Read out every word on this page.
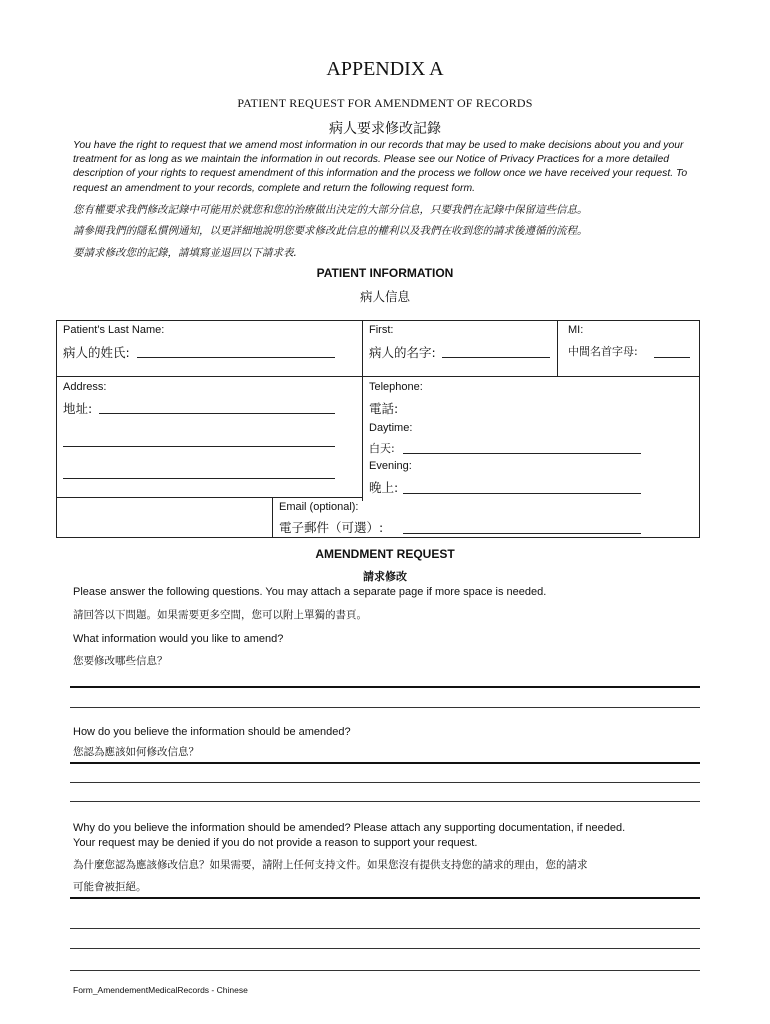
APPENDIX A
PATIENT REQUEST FOR AMENDMENT OF RECORDS
病人要求修改記錄
You have the right to request that we amend most information in our records that may be used to make decisions about you and your treatment for as long as we maintain the information in out records. Please see our Notice of Privacy Practices for a more detailed description of your rights to request amendment of this information and the process we follow once we have received your request. To request an amendment to your records, complete and return the following request form.
您有權要求我們修改記錄中可能用於就您和您的治療做出決定的大部分信息，只要我們在記錄中保留這些信息。
請參閱我們的隱私慣例通知，以更詳細地說明您要求修改此信息的權利以及我們在收到您的請求後遵循的流程。
要請求修改您的記錄，請填寫並退回以下請求表.
PATIENT INFORMATION
病人信息
Patient’s Last Name:
病人的姓氏:
First:
病人的名字:
MI:
中間名首字母:
Address:
地址:
Telephone:
電話:
Daytime:
白天:
Evening:
晚上:
Email (optional):
電子郵件（可選）:
AMENDMENT REQUEST
請求修改
Please answer the following questions. You may attach a separate page if more space is needed.
請回答以下問題。如果需要更多空間，您可以附上單獨的書頁。
What information would you like to amend?
您要修改哪些信息？
How do you believe the information should be amended?
您認為應該如何修改信息？
Why do you believe the information should be amended? Please attach any supporting documentation, if needed.
Your request may be denied if you do not provide a reason to support your request.
為什麼您認為應該修改信息？如果需要，請附上任何支持文件。如果您沒有提供支持您的請求的理由，您的請求
可能會被拒絕。
Form_AmendementMedicalRecords - Chinese
